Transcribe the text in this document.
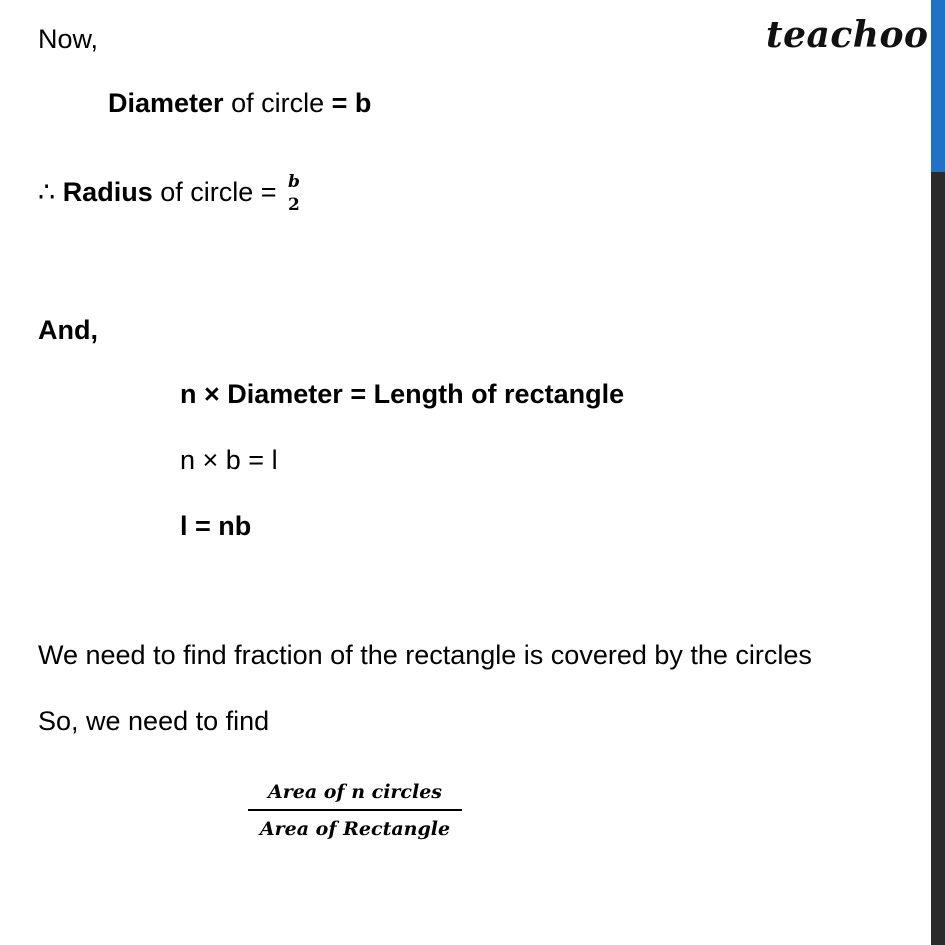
teachoo
Now,
Diameter of circle = b
∴ Radius of circle = b
2
And,
n × Diameter = Length of rectangle
n × b = l
l = nb
We need to find fraction of the rectangle is covered by the circles
So, we need to find
Area of n circles
Area of Rectangle
